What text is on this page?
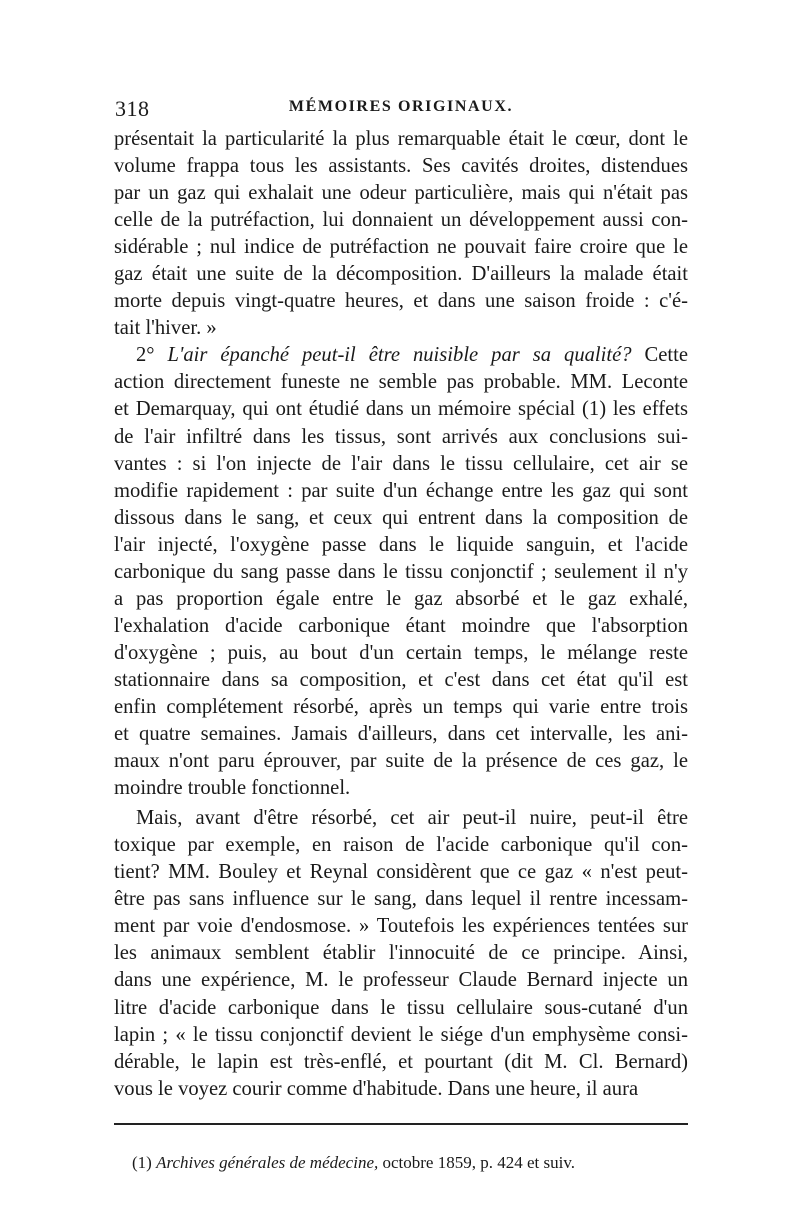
318	MÉMOIRES ORIGINAUX.
présentait la particularité la plus remarquable était le cœur, dont le
volume frappa tous les assistants. Ses cavités droites, distendues
par un gaz qui exhalait une odeur particulière, mais qui n'était pas
celle de la putréfaction, lui donnaient un développement aussi con-
sidérable ; nul indice de putréfaction ne pouvait faire croire que le
gaz était une suite de la décomposition. D'ailleurs la malade était
morte depuis vingt-quatre heures, et dans une saison froide : c'é-
tait l'hiver. »
2° L'air épanché peut-il être nuisible par sa qualité? Cette
action directement funeste ne semble pas probable. MM. Leconte
et Demarquay, qui ont étudié dans un mémoire spécial (1) les effets
de l'air infiltré dans les tissus, sont arrivés aux conclusions sui-
vantes : si l'on injecte de l'air dans le tissu cellulaire, cet air se
modifie rapidement : par suite d'un échange entre les gaz qui sont
dissous dans le sang, et ceux qui entrent dans la composition de
l'air injecté, l'oxygène passe dans le liquide sanguin, et l'acide
carbonique du sang passe dans le tissu conjonctif ; seulement il n'y
a pas proportion égale entre le gaz absorbé et le gaz exhalé,
l'exhalation d'acide carbonique étant moindre que l'absorption
d'oxygène ; puis, au bout d'un certain temps, le mélange reste
stationnaire dans sa composition, et c'est dans cet état qu'il est
enfin complétement résorbé, après un temps qui varie entre trois
et quatre semaines. Jamais d'ailleurs, dans cet intervalle, les ani-
maux n'ont paru éprouver, par suite de la présence de ces gaz, le
moindre trouble fonctionnel.
Mais, avant d'être résorbé, cet air peut-il nuire, peut-il être
toxique par exemple, en raison de l'acide carbonique qu'il con-
tient? MM. Bouley et Reynal considèrent que ce gaz « n'est peut-
être pas sans influence sur le sang, dans lequel il rentre incessam-
ment par voie d'endosmose. » Toutefois les expériences tentées sur
les animaux semblent établir l'innocuité de ce principe. Ainsi,
dans une expérience, M. le professeur Claude Bernard injecte un
litre d'acide carbonique dans le tissu cellulaire sous-cutané d'un
lapin ; « le tissu conjonctif devient le siége d'un emphysème consi-
dérable, le lapin est très-enflé, et pourtant (dit M. Cl. Bernard)
vous le voyez courir comme d'habitude. Dans une heure, il aura
(1) Archives générales de médecine, octobre 1859, p. 424 et suiv.
